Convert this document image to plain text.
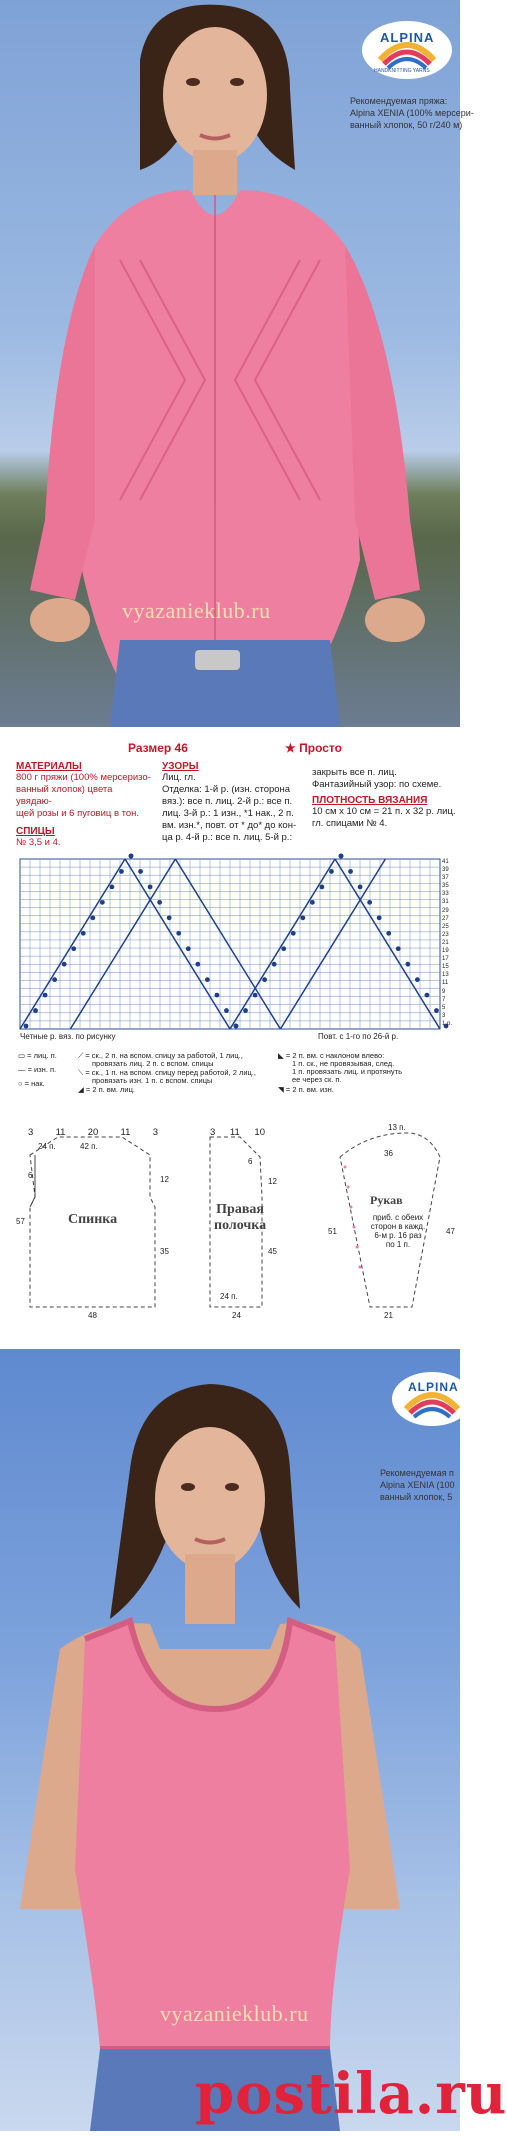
ALPINA
HANDKNITTING YARNS
Рекомендуемая пряжа:
Alpina XENIA (100% мерсери-
ванный хлопок, 50 г/240 м)
vyazanieklub.ru
Размер 46	★ Просто
МАТЕРИАЛЫ
800 г пряжи (100% мерсеризо-
ванный хлопок) цвета увядаю-
щей розы и 6 пуговиц в тон.
СПИЦЫ
№ 3,5 и 4.
УЗОРЫ
Лиц. гл.
Отделка: 1-й р. (изн. сторона
вяз.): все п. лиц. 2-й р.: все п.
лиц. 3-й р.: 1 изн., *1 нак., 2 п.
вм. изн.*, повт. от * до* до кон-
ца р. 4-й р.: все п. лиц. 5-й р.:
закрыть все п. лиц.
Фантазийный узор: по схеме.
ПЛОТНОСТЬ ВЯЗАНИЯ
10 см х 10 см = 21 п. х 32 р. лиц.
гл. спицами № 4.
41
39
37
35
33
31
29
27
25
23
21
19
17
15
13
11
9
7
5
3
1 р.
Четные р. вяз. по рисунку	Повт. с 1-го по 26-й р.
▭ = лиц. п.
— = изн. п.
○ = нак.
⟋ = ск., 2 п. на вспом. спицу за работой, 1 лиц.,
провязать лиц. 2 п. с вспом. спицы
⟍ = ск., 1 п. на вспом. спицу перед работой, 2 лиц.,
провязать изн. 1 п. с вспом. спицы
◢ = 2 п. вм. лиц.
◣ = 2 п. вм. с наклоном влево:
1 п. ск., не провязывая, след.
1 п. провязать лиц. и протянуть
ее через ск. п.
◥ = 2 п. вм. изн.
3 11 20 11 3
24 п.	42 п.
Спинка
6	12
35
57
48
3 11 10
Правая
полочка
6
12
45
24 п.
24
13 п.
36
51	47
Рукав
приб. с обеих
сторон в кажд.
6-м р. 16 раз
по 1 п.
21
ALPINA
Рекомендуемая п
Alpina XENIA (100
ванный хлопок, 5
vyazanieklub.ru
postila.ru
